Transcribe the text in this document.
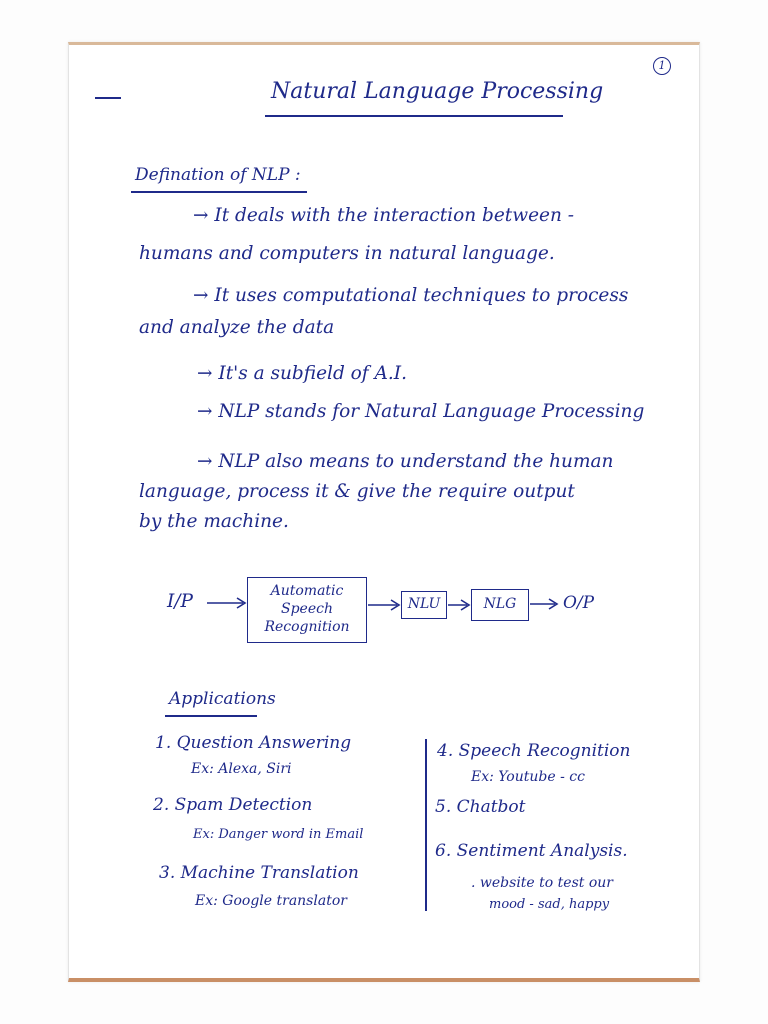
1
Natural Language Processing
Defination of NLP :
→ It deals with the interaction between -
humans and computers in natural language.
→ It uses computational techniques to process
and analyze the data
→ It's a subfield of A.I.
→ NLP stands for Natural Language Processing
→ NLP also means to understand the human
language, process it & give the require output
by the machine.
I/P	Automatic
Speech
Recognition
NLU	NLG	O/P
Applications
1. Question Answering
Ex: Alexa, Siri
2. Spam Detection
Ex: Danger word in Email
3. Machine Translation
Ex: Google translator
4. Speech Recognition
Ex: Youtube - cc
5. Chatbot
6. Sentiment Analysis.
. website to test our
mood - sad, happy
